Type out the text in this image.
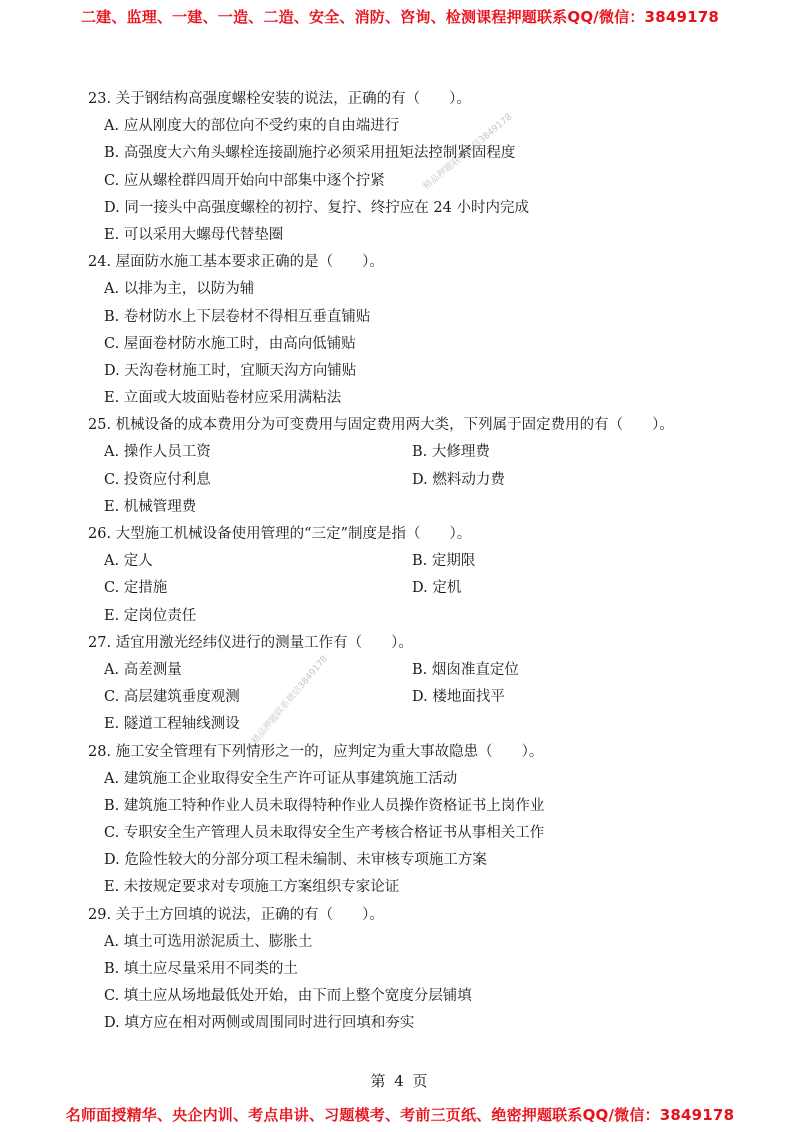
二建、监理、一建、一造、二造、安全、消防、咨询、检测课程押题联系QQ/微信：3849178
精品押题联系微信3849178
精品押题联系微信3849178
23. 关于钢结构高强度螺栓安装的说法，正确的有（　　）。
A. 应从刚度大的部位向不受约束的自由端进行
B. 高强度大六角头螺栓连接副施拧必须采用扭矩法控制紧固程度
C. 应从螺栓群四周开始向中部集中逐个拧紧
D. 同一接头中高强度螺栓的初拧、复拧、终拧应在 24 小时内完成
E. 可以采用大螺母代替垫圈
24. 屋面防水施工基本要求正确的是（　　）。
A. 以排为主，以防为辅
B. 卷材防水上下层卷材不得相互垂直铺贴
C. 屋面卷材防水施工时，由高向低铺贴
D. 天沟卷材施工时，宜顺天沟方向铺贴
E. 立面或大坡面贴卷材应采用满粘法
25. 机械设备的成本费用分为可变费用与固定费用两大类，下列属于固定费用的有（　　）。
A. 操作人员工资	B. 大修理费
C. 投资应付利息	D. 燃料动力费
E. 机械管理费
26. 大型施工机械设备使用管理的“三定”制度是指（　　）。
A. 定人	B. 定期限
C. 定措施	D. 定机
E. 定岗位责任
27. 适宜用激光经纬仪进行的测量工作有（　　）。
A. 高差测量	B. 烟囱准直定位
C. 高层建筑垂度观测	D. 楼地面找平
E. 隧道工程轴线测设
28. 施工安全管理有下列情形之一的，应判定为重大事故隐患（　　）。
A. 建筑施工企业取得安全生产许可证从事建筑施工活动
B. 建筑施工特种作业人员未取得特种作业人员操作资格证书上岗作业
C. 专职安全生产管理人员未取得安全生产考核合格证书从事相关工作
D. 危险性较大的分部分项工程未编制、未审核专项施工方案
E. 未按规定要求对专项施工方案组织专家论证
29. 关于土方回填的说法，正确的有（　　）。
A. 填土可选用淤泥质土、膨胀土
B. 填土应尽量采用不同类的土
C. 填土应从场地最低处开始，由下而上整个宽度分层铺填
D. 填方应在相对两侧或周围同时进行回填和夯实
第 4 页
名师面授精华、央企内训、考点串讲、习题模考、考前三页纸、绝密押题联系QQ/微信：3849178
